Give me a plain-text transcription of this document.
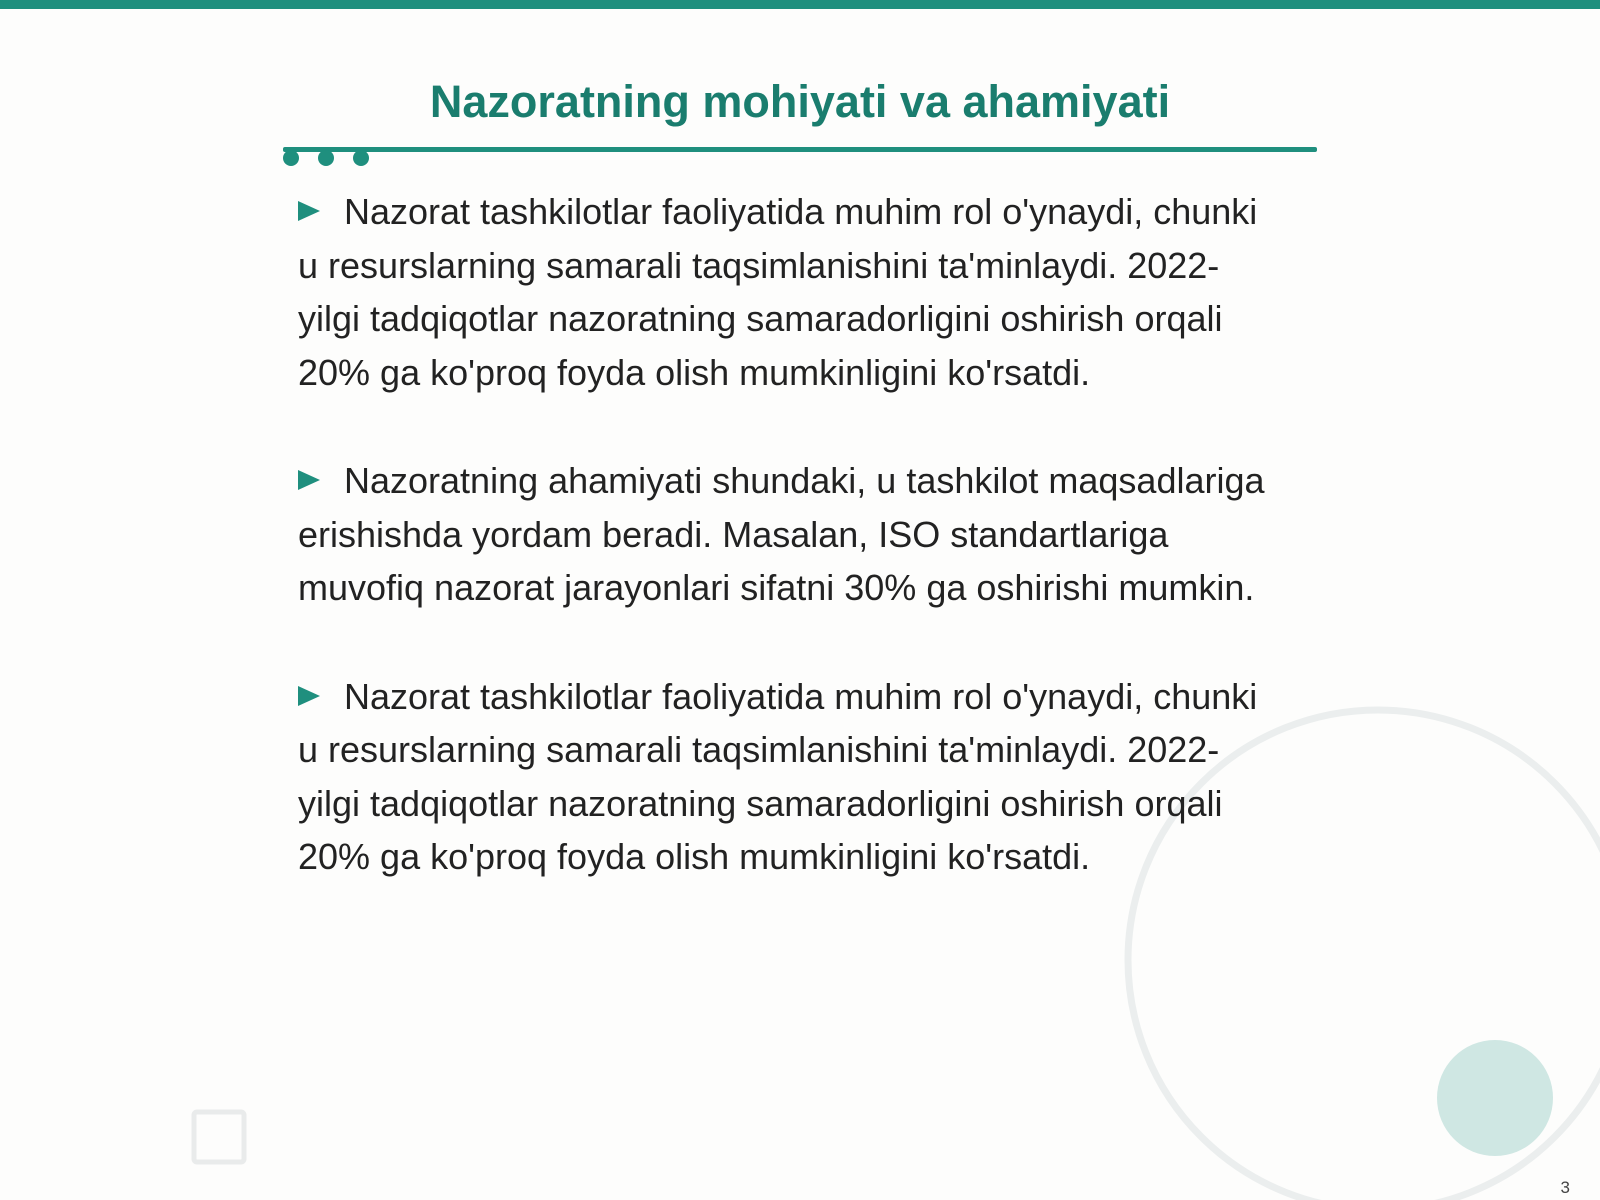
Nazoratning mohiyati va ahamiyati

Nazorat tashkilotlar faoliyatida muhim rol o'ynaydi, chunki u resurslarning samarali taqsimlanishini ta'minlaydi. 2022-yilgi tadqiqotlar nazoratning samaradorligini oshirish orqali 20% ga ko'proq foyda olish mumkinligini ko'rsatdi.

Nazoratning ahamiyati shundaki, u tashkilot maqsadlariga erishishda yordam beradi. Masalan, ISO standartlariga muvofiq nazorat jarayonlari sifatni 30% ga oshirishi mumkin.

Nazorat tashkilotlar faoliyatida muhim rol o'ynaydi, chunki u resurslarning samarali taqsimlanishini ta'minlaydi. 2022-yilgi tadqiqotlar nazoratning samaradorligini oshirish orqali 20% ga ko'proq foyda olish mumkinligini ko'rsatdi.

3
